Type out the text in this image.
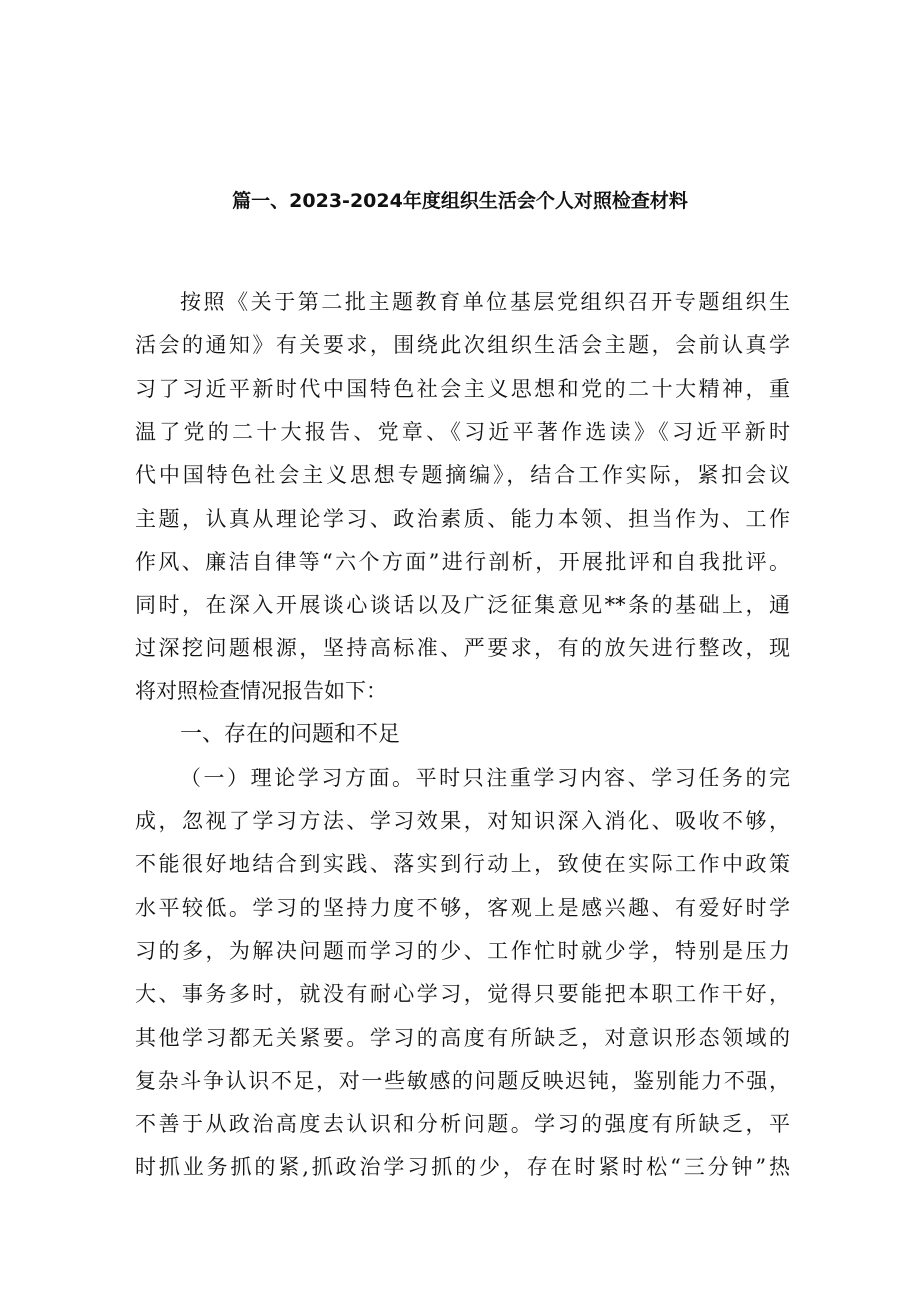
篇一、2023-2024年度组织生活会个人对照检查材料
按照《关于第二批主题教育单位基层党组织召开专题组织生
活会的通知》有关要求，围绕此次组织生活会主题，会前认真学
习了习近平新时代中国特色社会主义思想和党的二十大精神，重
温了党的二十大报告、党章、《习近平著作选读》《习近平新时
代中国特色社会主义思想专题摘编》，结合工作实际，紧扣会议
主题，认真从理论学习、政治素质、能力本领、担当作为、工作
作风、廉洁自律等“六个方面”进行剖析，开展批评和自我批评。
同时，在深入开展谈心谈话以及广泛征集意见**条的基础上，通
过深挖问题根源，坚持高标准、严要求，有的放矢进行整改，现
将对照检查情况报告如下：
一、存在的问题和不足
（一）理论学习方面。平时只注重学习内容、学习任务的完
成，忽视了学习方法、学习效果，对知识深入消化、吸收不够，
不能很好地结合到实践、落实到行动上，致使在实际工作中政策
水平较低。学习的坚持力度不够，客观上是感兴趣、有爱好时学
习的多，为解决问题而学习的少、工作忙时就少学，特别是压力
大、事务多时，就没有耐心学习，觉得只要能把本职工作干好，
其他学习都无关紧要。学习的高度有所缺乏，对意识形态领域的
复杂斗争认识不足，对一些敏感的问题反映迟钝，鉴别能力不强，
不善于从政治高度去认识和分析问题。学习的强度有所缺乏，平
时抓业务抓的紧,抓政治学习抓的少，存在时紧时松“三分钟”热
